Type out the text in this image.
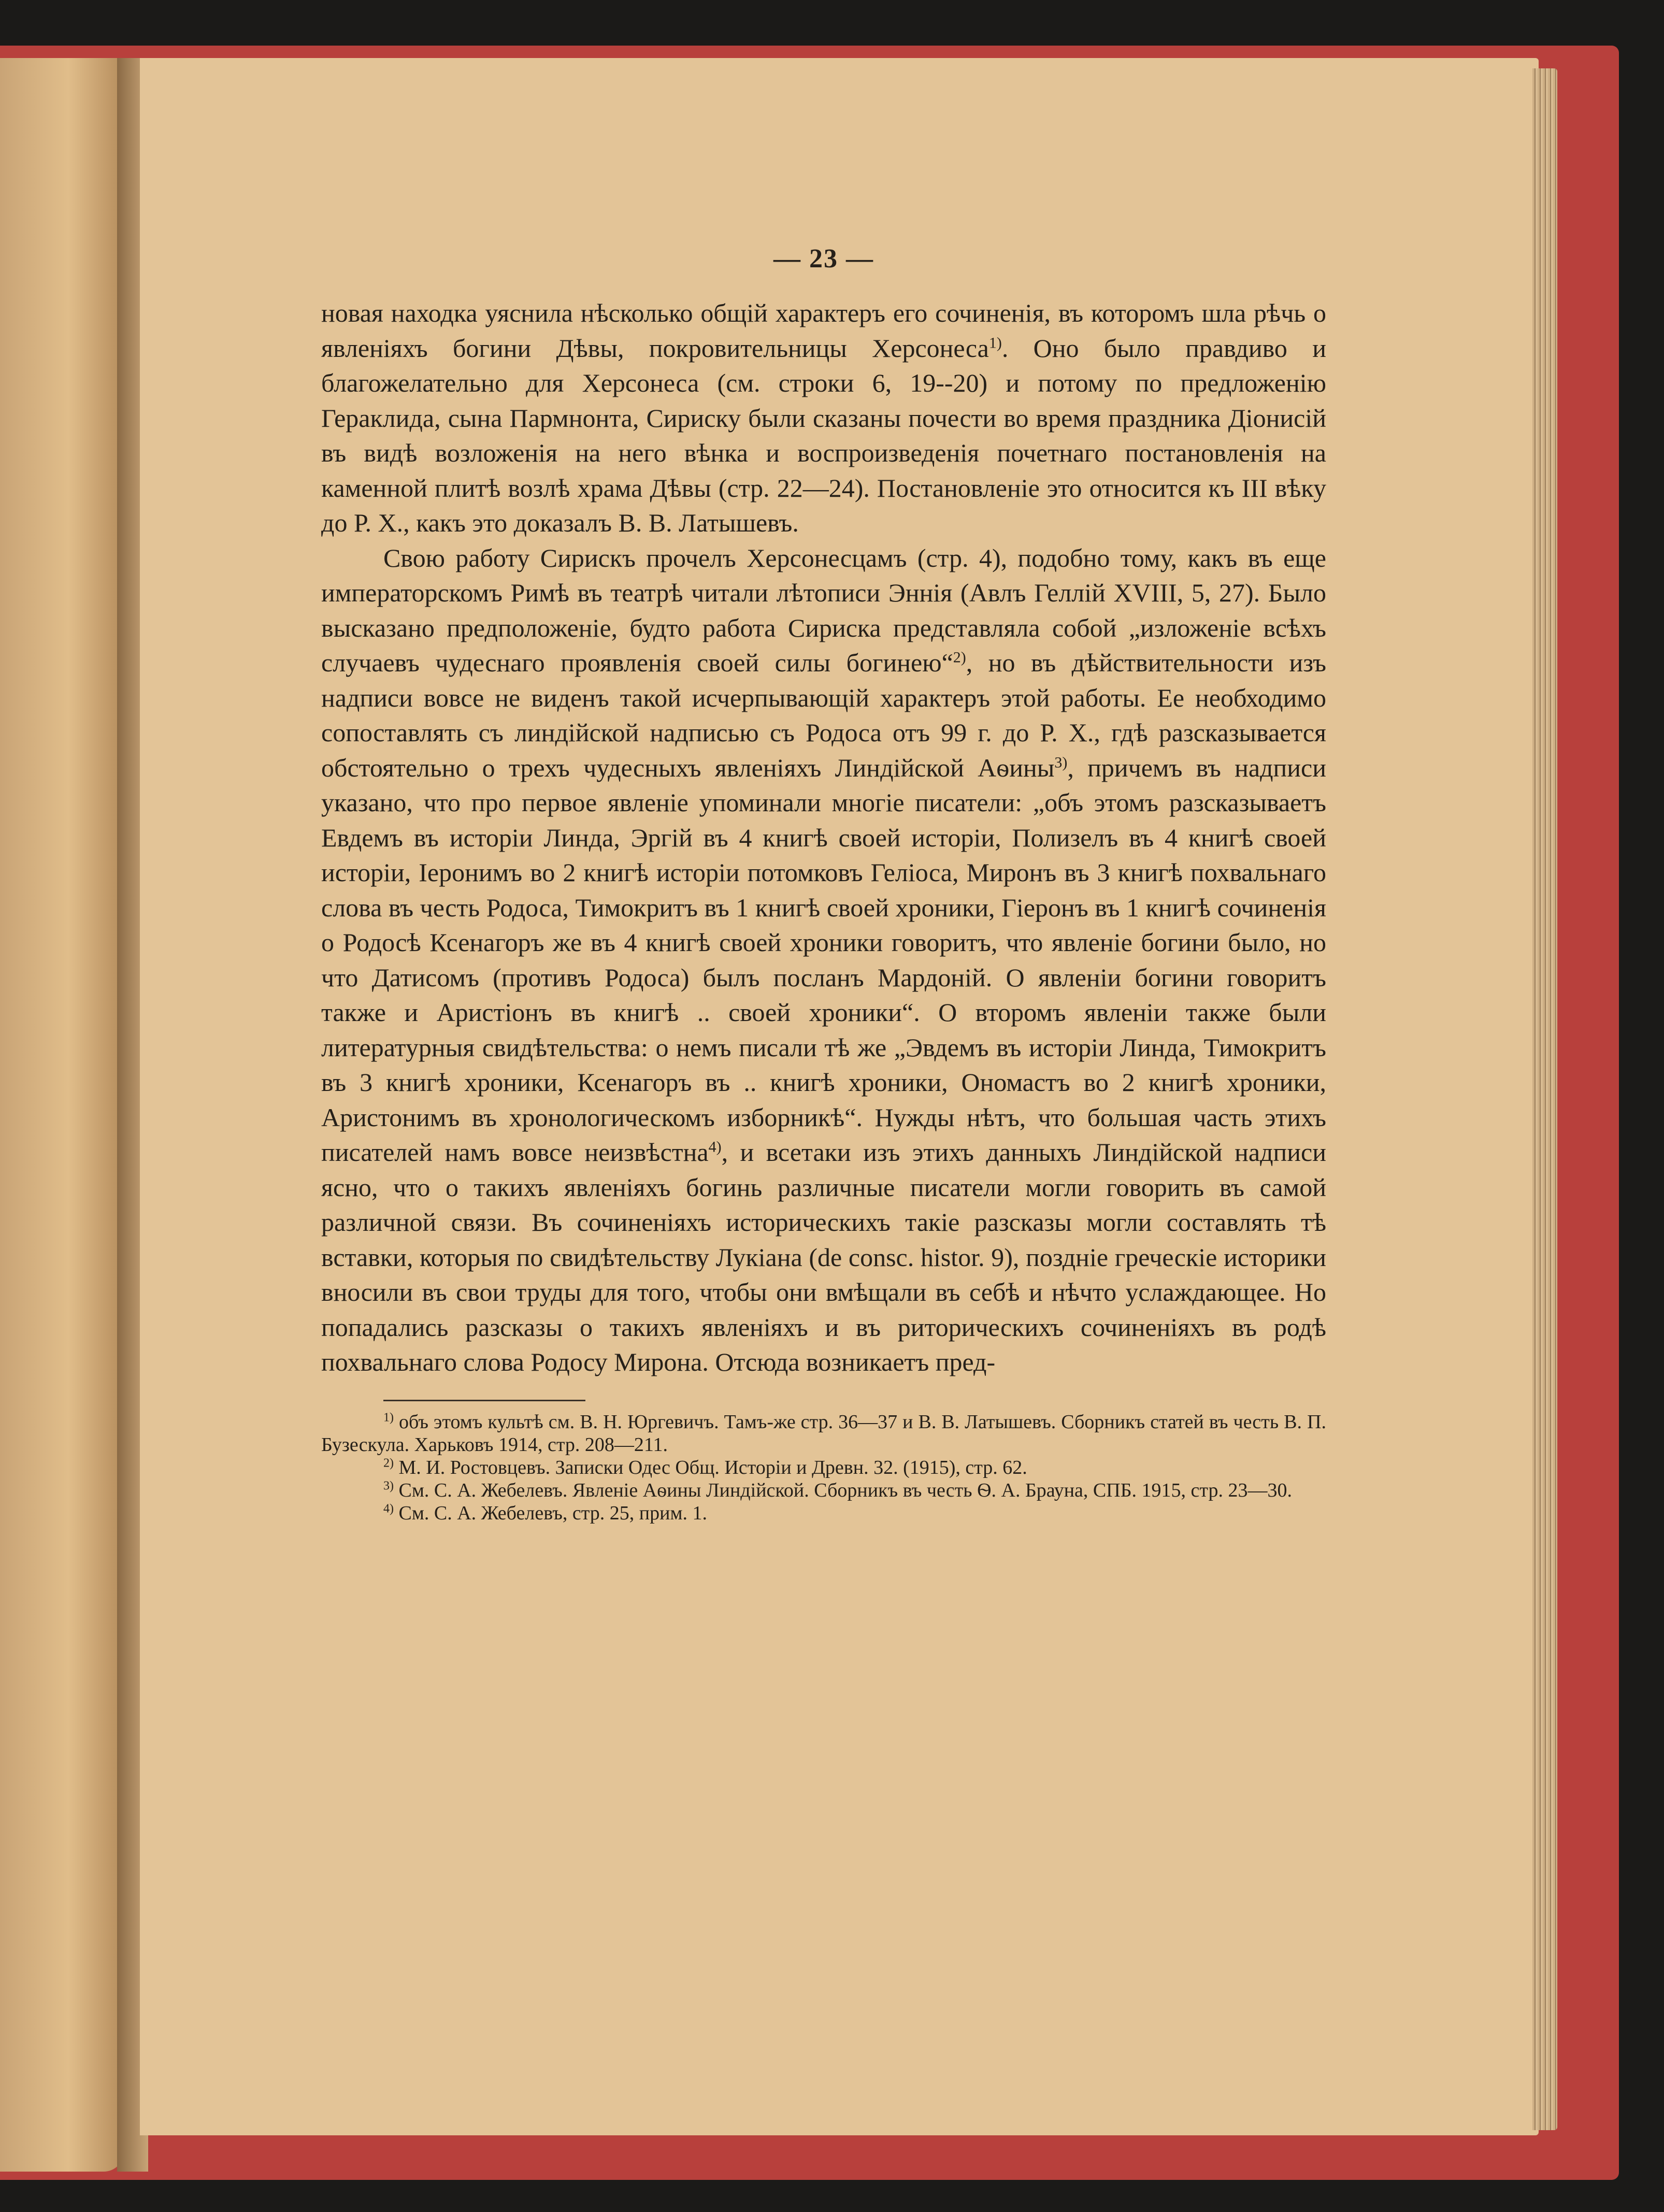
— 23 —

новая находка уяснила нѣсколько общій характеръ его сочиненія, въ которомъ шла рѣчь о явленіяхъ богини Дѣвы, покровительницы Херсонеса$^{1)}$. Оно было правдиво и благожелательно для Херсонеса (см. строки 6, 19--20) и потому по предложенію Гераклида, сына Пармнонта, Сириску были сказаны почести во время праздника Діонисій въ видѣ возложенія на него вѣнка и воспроизведенія почетнаго постановленія на каменной плитѣ возлѣ храма Дѣвы (стр. 22—24). Постановленіе это относится къ III вѣку до Р. Х., какъ это доказалъ В. В. Латышевъ.

Свою работу Сирискъ прочелъ Херсонесцамъ (стр. 4), подобно тому, какъ въ еще императорскомъ Римѣ въ театрѣ читали лѣтописи Эннія (Авлъ Геллій XVIII, 5, 27). Было высказано предположеніе, будто работа Сириска представляла собой „изложеніе всѣхъ случаевъ чудеснаго проявленія своей силы богинею“$^{2)}$, но въ дѣйствительности изъ надписи вовсе не виденъ такой исчерпывающій характеръ этой работы. Ее необходимо сопоставлять съ линдійской надписью съ Родоса отъ 99 г. до Р. Х., гдѣ разсказывается обстоятельно о трехъ чудесныхъ явленіяхъ Линдійской Аѳины$^{3)}$, причемъ въ надписи указано, что про первое явленіе упоминали многіе писатели: „объ этомъ разсказываетъ Евдемъ въ исторіи Линда, Эргій въ 4 книгѣ своей исторіи, Полизелъ въ 4 книгѣ своей исторіи, Іеронимъ во 2 книгѣ исторіи потомковъ Геліоса, Миронъ въ 3 книгѣ похвальнаго слова въ честь Родоса, Тимокритъ въ 1 книгѣ своей хроники, Гіеронъ въ 1 книгѣ сочиненія о Родосѣ Ксенагоръ же въ 4 книгѣ своей хроники говоритъ, что явленіе богини было, но что Датисомъ (противъ Родоса) былъ посланъ Мардоній. О явленіи богини говоритъ также и Аристіонъ въ книгѣ .. своей хроники“. О второмъ явленіи также были литературныя свидѣтельства: о немъ писали тѣ же „Эвдемъ въ исторіи Линда, Тимокритъ въ 3 книгѣ хроники, Ксенагоръ въ .. книгѣ хроники, Ономастъ во 2 книгѣ хроники, Аристонимъ въ хронологическомъ изборникѣ“. Нужды нѣтъ, что большая часть этихъ писателей намъ вовсе неизвѣстна$^{4)}$, и всетаки изъ этихъ данныхъ Линдійской надписи ясно, что о такихъ явленіяхъ богинь различные писатели могли говорить въ самой различной связи. Въ сочиненіяхъ историческихъ такіе разсказы могли составлять тѣ вставки, которыя по свидѣтельству Лукіана (de consc. histor. 9), поздніе греческіе историки вносили въ свои труды для того, чтобы они вмѣщали въ себѣ и нѣчто услаждающее. Но попадались разсказы о такихъ явленіяхъ и въ риторическихъ сочиненіяхъ въ родѣ похвальнаго слова Родосу Мирона. Отсюда возникаетъ пред-

$^{1)}$ объ этомъ культѣ см. В. Н. Юргевичъ. Тамъ-же стр. 36—37 и В. В. Латышевъ. Сборникъ статей въ честь В. П. Бузескула. Харьковъ 1914, стр. 208—211.

$^{2)}$ М. И. Ростовцевъ. Записки Одес Общ. Исторіи и Древн. 32. (1915), стр. 62.

$^{3)}$ См. С. А. Жебелевъ. Явленіе Аѳины Линдійской. Сборникъ въ честь Ѳ. А. Брауна, СПБ. 1915, стр. 23—30.

$^{4)}$ См. С. А. Жебелевъ, стр. 25, прим. 1.
